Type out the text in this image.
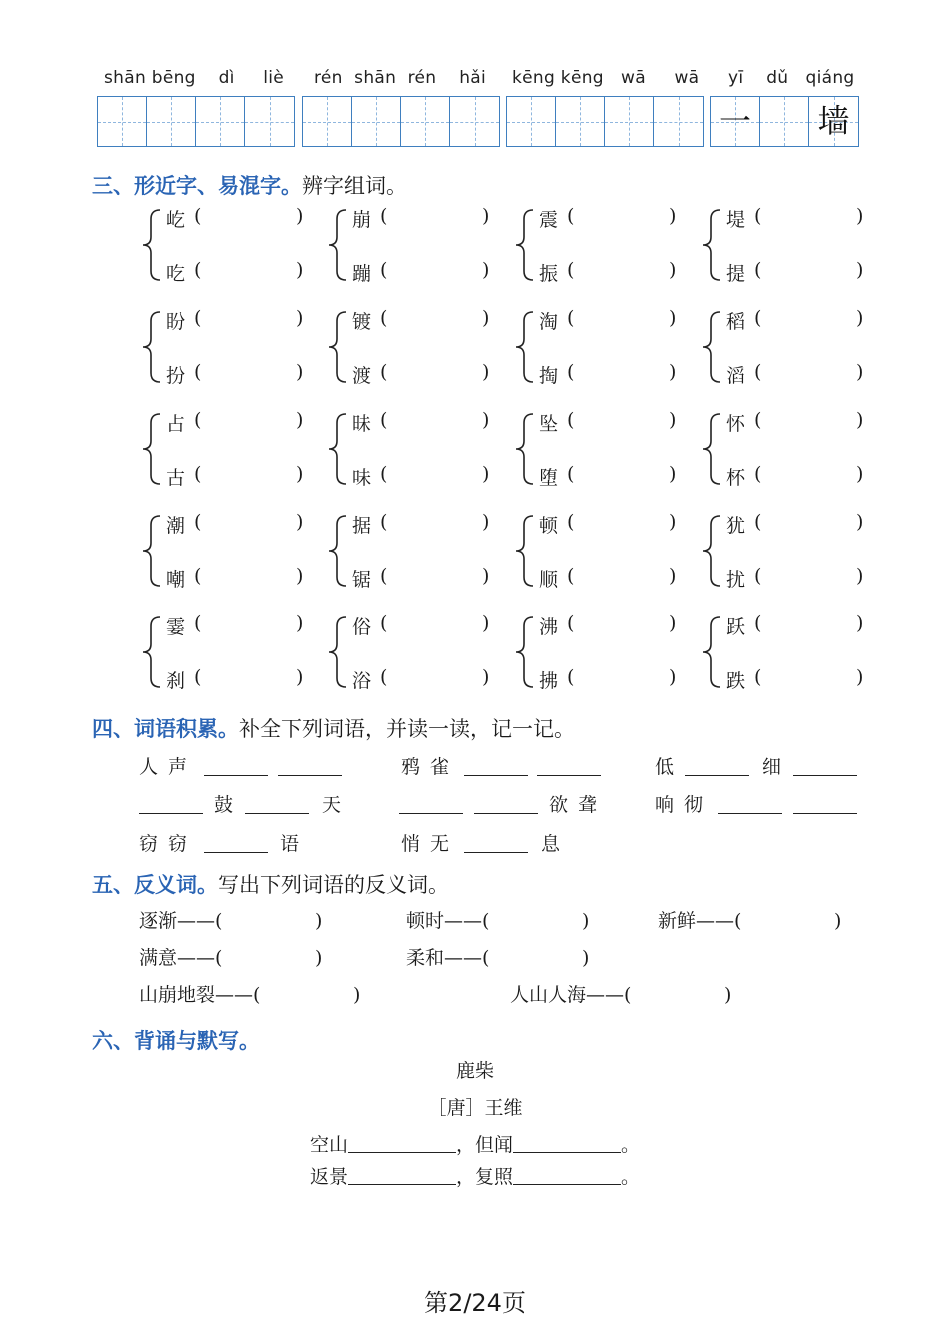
shān bēng dì liè rén shān rén hǎi kēng kēng wā wā yī dǔ qiáng
一 墙
三、形近字、易混字。辨字组词。
屹 (	)
吃 (	)
崩 (	)
蹦 (	)
震 (	)
振 (	)
堤 (	)
提 (	)
盼 (	)
扮 (	)
镀 (	)
渡 (	)
淘 (	)
掏 (	)
稻 (	)
滔 (	)
占 (	)
古 (	)
昧 (	)
味 (	)
坠 (	)
堕 (	)
怀 (	)
杯 (	)
潮 (	)
嘲 (	)
据 (	)
锯 (	)
顿 (	)
顺 (	)
犹 (	)
扰 (	)
霎 (	)
刹 (	)
俗 (	)
浴 (	)
沸 (	)
拂 (	)
跃 (	)
跌 (	)
四、词语积累。补全下列词语，并读一读，记一记。
人声	鸦雀	低	细
鼓	天	欲聋	响彻
窃窃	语	悄无	息
五、反义词。写出下列词语的反义词。
逐渐——(	)	顿时——(	)	新鲜——(	)
满意——(	)	柔和——(	)
山崩地裂——(	)	人山人海——(	)
六、背诵与默写。
鹿柴
［唐］王维
空山	，但闻	。
返景	，复照	。
第2/24页
